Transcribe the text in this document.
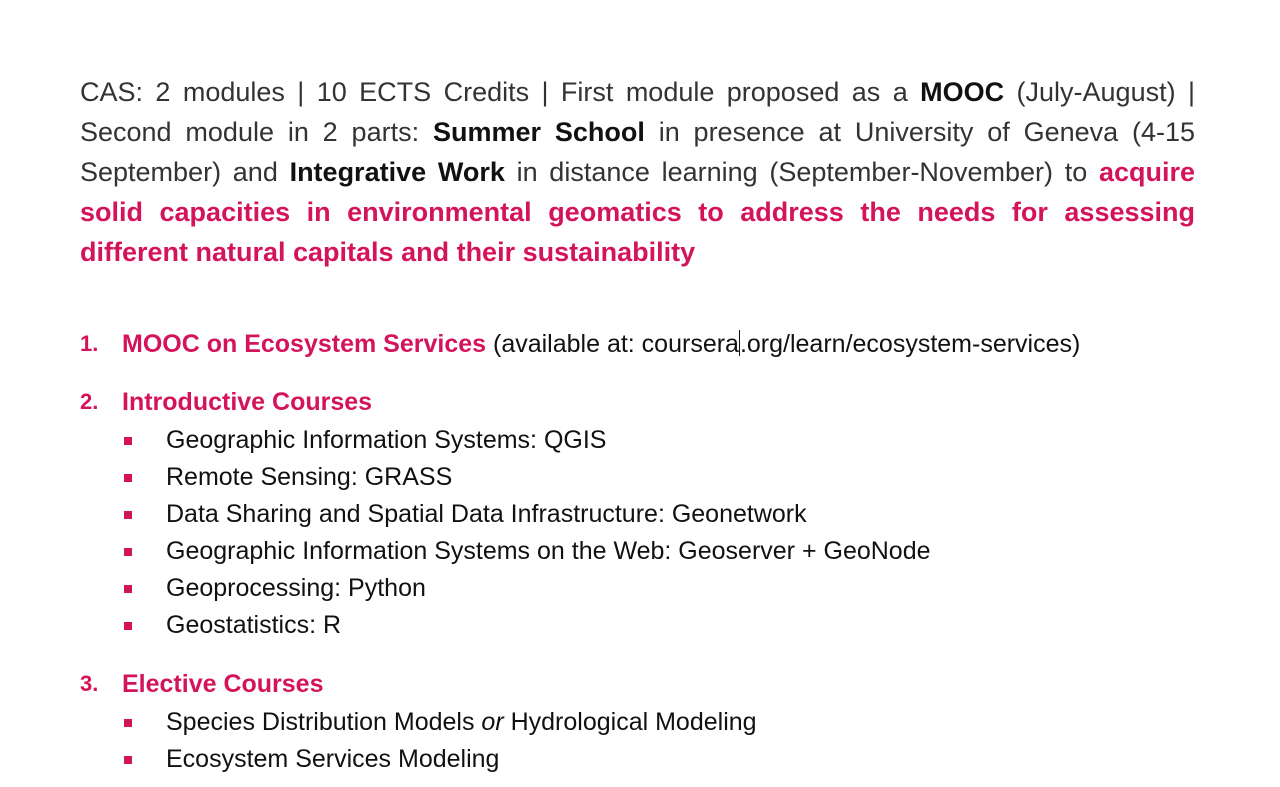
CAS: 2 modules | 10 ECTS Credits | First module proposed as a MOOC (July-August) | Second module in 2 parts: Summer School in presence at University of Geneva (4-15 September) and Integrative Work in distance learning (September-November) to acquire solid capacities in environmental geomatics to address the needs for assessing different natural capitals and their sustainability

1. MOOC on Ecosystem Services (available at: coursera.org/learn/ecosystem-services)
2. Introductive Courses
Geographic Information Systems: QGIS
Remote Sensing: GRASS
Data Sharing and Spatial Data Infrastructure: Geonetwork
Geographic Information Systems on the Web: Geoserver + GeoNode
Geoprocessing: Python
Geostatistics: R
3. Elective Courses
Species Distribution Models or Hydrological Modeling
Ecosystem Services Modeling
